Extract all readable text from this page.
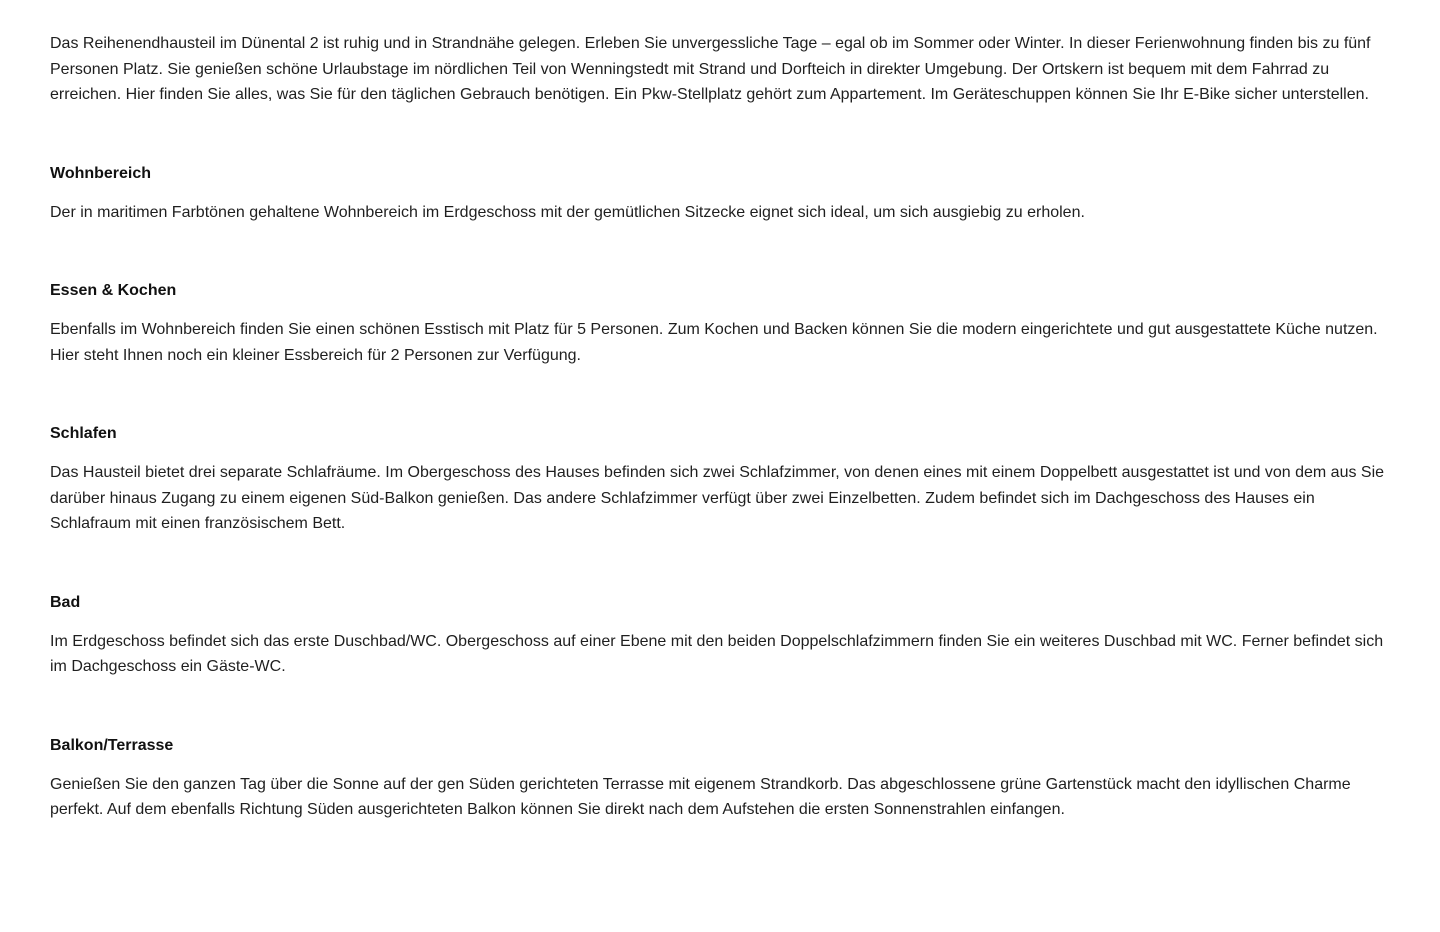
Das Reihenendhausteil im Dünental 2 ist ruhig und in Strandnähe gelegen. Erleben Sie unvergessliche Tage – egal ob im Sommer oder Winter. In dieser Ferienwohnung finden bis zu fünf Personen Platz. Sie genießen schöne Urlaubstage im nördlichen Teil von Wenningstedt mit Strand und Dorfteich in direkter Umgebung. Der Ortskern ist bequem mit dem Fahrrad zu erreichen. Hier finden Sie alles, was Sie für den täglichen Gebrauch benötigen. Ein Pkw-Stellplatz gehört zum Appartement. Im Geräteschuppen können Sie Ihr E-Bike sicher unterstellen.

Wohnbereich

Der in maritimen Farbtönen gehaltene Wohnbereich im Erdgeschoss mit der gemütlichen Sitzecke eignet sich ideal, um sich ausgiebig zu erholen.

Essen & Kochen

Ebenfalls im Wohnbereich finden Sie einen schönen Esstisch mit Platz für 5 Personen. Zum Kochen und Backen können Sie die modern eingerichtete und gut ausgestattete Küche nutzen. Hier steht Ihnen noch ein kleiner Essbereich für 2 Personen zur Verfügung.

Schlafen

Das Hausteil bietet drei separate Schlafräume. Im Obergeschoss des Hauses befinden sich zwei Schlafzimmer, von denen eines mit einem Doppelbett ausgestattet ist und von dem aus Sie darüber hinaus Zugang zu einem eigenen Süd-Balkon genießen. Das andere Schlafzimmer verfügt über zwei Einzelbetten. Zudem befindet sich im Dachgeschoss des Hauses ein Schlafraum mit einen französischem Bett.

Bad

Im Erdgeschoss befindet sich das erste Duschbad/WC. Obergeschoss auf einer Ebene mit den beiden Doppelschlafzimmern finden Sie ein weiteres Duschbad mit WC. Ferner befindet sich im Dachgeschoss ein Gäste-WC.

Balkon/Terrasse

Genießen Sie den ganzen Tag über die Sonne auf der gen Süden gerichteten Terrasse mit eigenem Strandkorb. Das abgeschlossene grüne Gartenstück macht den idyllischen Charme perfekt. Auf dem ebenfalls Richtung Süden ausgerichteten Balkon können Sie direkt nach dem Aufstehen die ersten Sonnenstrahlen einfangen.
